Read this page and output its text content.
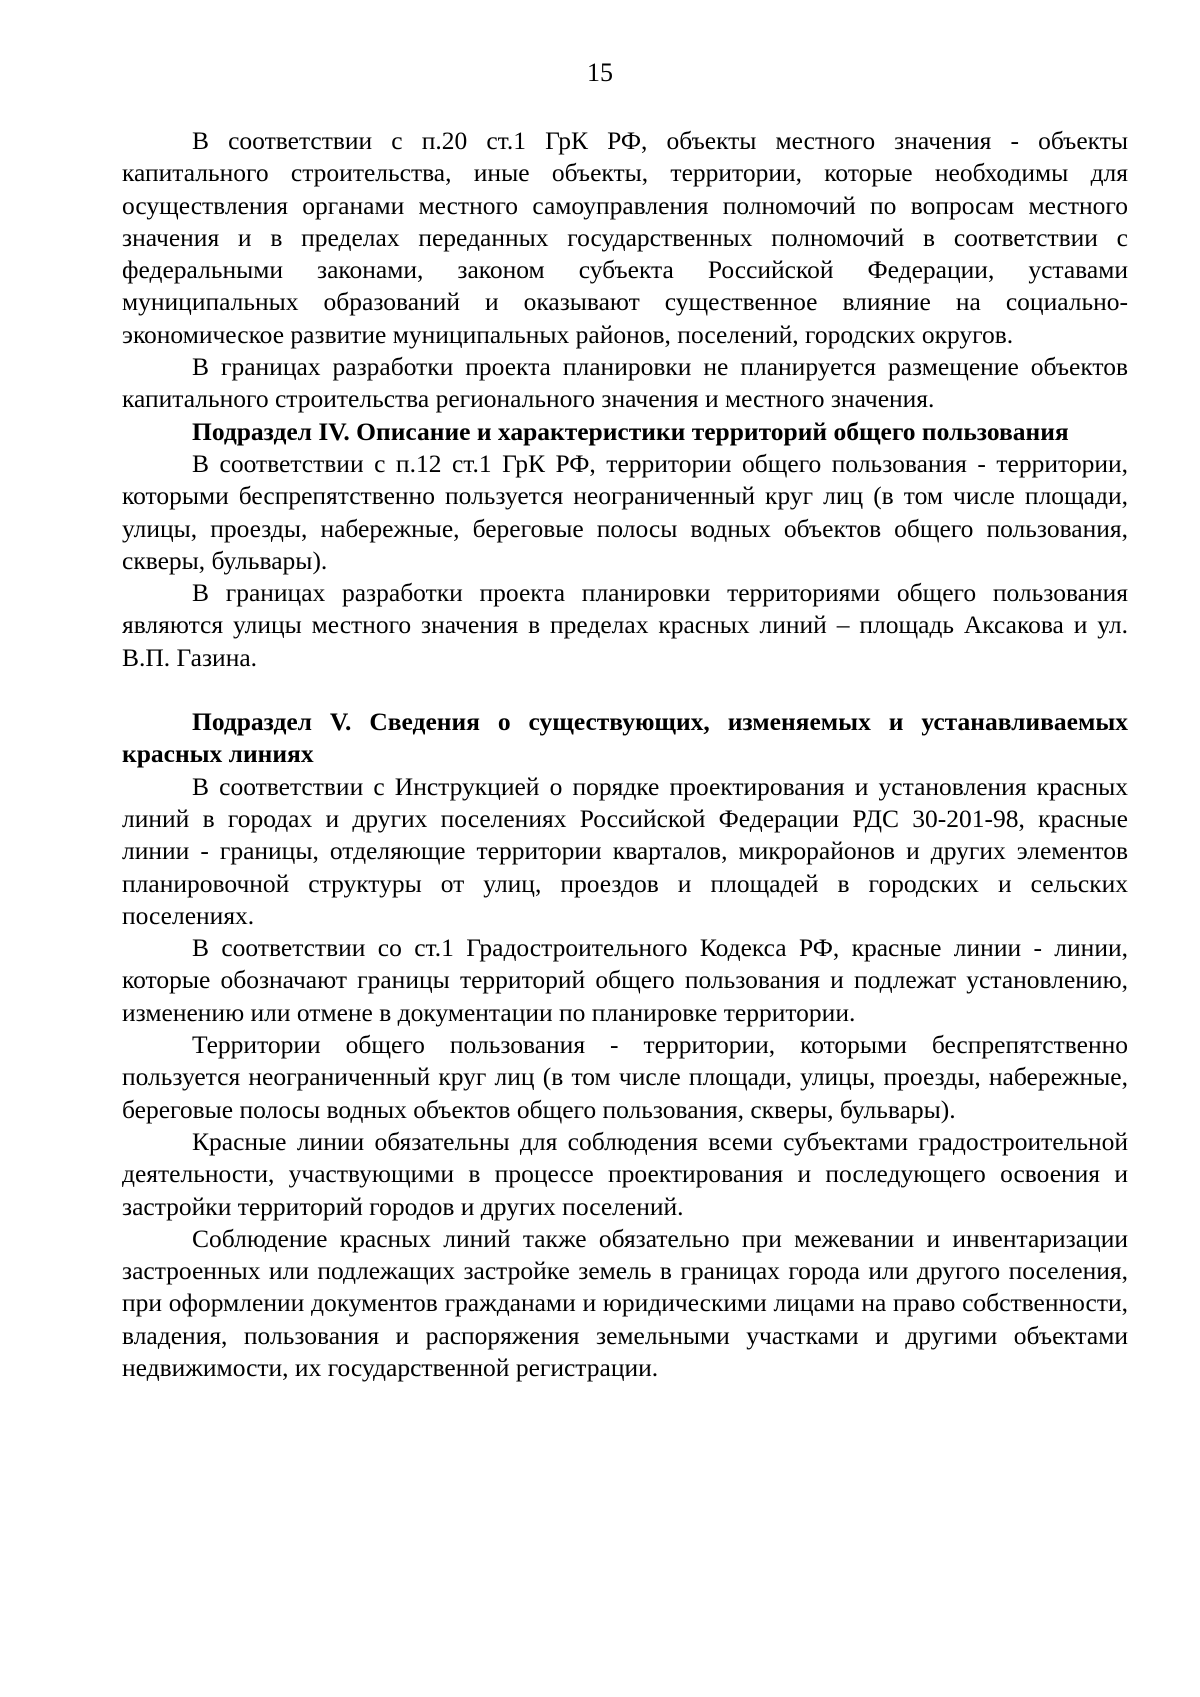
15

В соответствии с п.20 ст.1 ГрК РФ, объекты местного значения - объекты капитального строительства, иные объекты, территории, которые необходимы для осуществления органами местного самоуправления полномочий по вопросам местного значения и в пределах переданных государственных полномочий в соответствии с федеральными законами, законом субъекта Российской Федерации, уставами муниципальных образований и оказывают существенное влияние на социально-экономическое развитие муниципальных районов, поселений, городских округов.

В границах разработки проекта планировки не планируется размещение объектов капитального строительства регионального значения и местного значения.

Подраздел IV. Описание и характеристики территорий общего пользования

В соответствии с п.12 ст.1 ГрК РФ, территории общего пользования - территории, которыми беспрепятственно пользуется неограниченный круг лиц (в том числе площади, улицы, проезды, набережные, береговые полосы водных объектов общего пользования, скверы, бульвары).

В границах разработки проекта планировки территориями общего пользования являются улицы местного значения в пределах красных линий – площадь Аксакова и ул. В.П. Газина.

Подраздел V. Сведения о существующих, изменяемых и устанавливаемых красных линиях

В соответствии с Инструкцией о порядке проектирования и установления красных линий в городах и других поселениях Российской Федерации РДС 30-201-98, красные линии - границы, отделяющие территории кварталов, микрорайонов и других элементов планировочной структуры от улиц, проездов и площадей в городских и сельских поселениях.

В соответствии со ст.1 Градостроительного Кодекса РФ, красные линии - линии, которые обозначают границы территорий общего пользования и подлежат установлению, изменению или отмене в документации по планировке территории.

Территории общего пользования - территории, которыми беспрепятственно пользуется неограниченный круг лиц (в том числе площади, улицы, проезды, набережные, береговые полосы водных объектов общего пользования, скверы, бульвары).

Красные линии обязательны для соблюдения всеми субъектами градостроительной деятельности, участвующими в процессе проектирования и последующего освоения и застройки территорий городов и других поселений.

Соблюдение красных линий также обязательно при межевании и инвентаризации застроенных или подлежащих застройке земель в границах города или другого поселения, при оформлении документов гражданами и юридическими лицами на право собственности, владения, пользования и распоряжения земельными участками и другими объектами недвижимости, их государственной регистрации.
